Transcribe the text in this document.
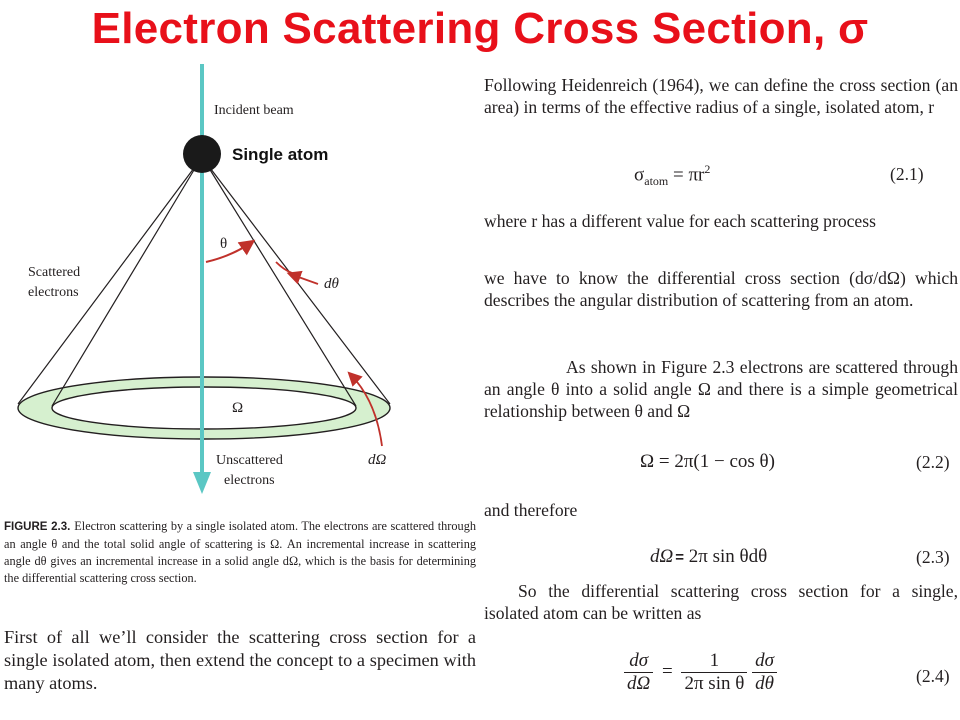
Electron Scattering Cross Section, σ
Incident beam
Single atom
θ
Scattered
electrons
dθ
Ω
Unscattered
electrons
dΩ
FIGURE 2.3. Electron scattering by a single isolated atom. The electrons are scattered through an angle θ and the total solid angle of scattering is Ω. An incremental increase in scattering angle dθ gives an incremental increase in a solid angle dΩ, which is the basis for determining the differential scattering cross section.
First of all we’ll consider the scattering cross section for a single isolated atom, then extend the concept to a specimen with many atoms.
Following Heidenreich (1964), we can define the cross section (an area) in terms of the effective radius of a single, isolated atom, r
$\sigma_{atom} = \pi r^2$	(2.1)
where r has a different value for each scattering process
we have to know the differential cross section (dσ/dΩ) which describes the angular distribution of scattering from an atom.
As shown in Figure 2.3 electrons are scattered through an angle θ into a solid angle Ω and there is a simple geometrical relationship between θ and Ω
Ω = 2π(1 − cos θ)	(2.2)
and therefore
dΩ = 2π sin θdθ	(2.3)
So the differential scattering cross section for a single, isolated atom can be written as
$\frac{d\sigma}{d\Omega} = \frac{1}{\text{2π sin θ}}$
$\frac{d\sigma}{d\theta}$	(2.4)
